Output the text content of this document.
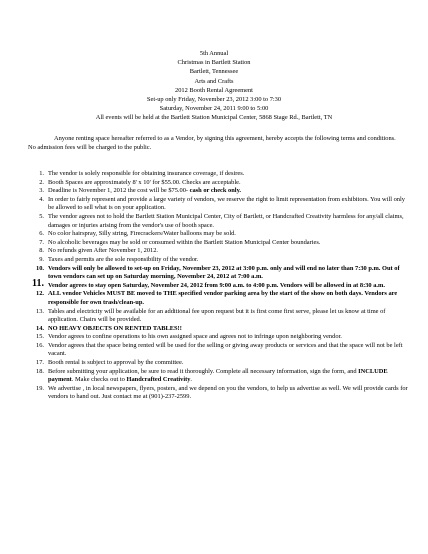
5th Annual
Christmas in Bartlett Station
Bartlett, Tennessee
Arts and Crafts
2012 Booth Rental Agreement
Set-up only Friday, November 23, 2012 3:00 to 7:30
Saturday, November 24, 2011 9:00 to 5:00
All events will be held at the Bartlett Station Municipal Center, 5868 Stage Rd., Bartlett, TN
Anyone renting space hereafter referred to as a Vendor, by signing this agreement, hereby accepts the following terms and conditions. No admission fees will be charged to the public.
1. The vendor is solely responsible for obtaining insurance coverage, if desires.
2. Booth Spaces are approximately 8' x 10' for $55.00. Checks are acceptable.
3. Deadline is November 1, 2012 the cost will be $75.00- cash or check only.
4. In order to fairly represent and provide a large variety of vendors, we reserve the right to limit representation from exhibitors. You will only be allowed to sell what is on your application.
5. The vendor agrees not to hold the Bartlett Station Municipal Center, City of Bartlett, or Handcrafted Creativity harmless for any/all claims, damages or injuries arising from the vendor's use of booth space.
6. No color hairspray, Silly string, Firecrackers/Water balloons may be sold.
7. No alcoholic beverages may be sold or consumed within the Bartlett Station Municipal Center boundaries.
8. No refunds given After November 1, 2012.
9. Taxes and permits are the sole responsibility of the vendor.
10. Vendors will only be allowed to set-up on Friday, November 23, 2012 at 3:00 p.m. only and will end no later than 7:30 p.m. Out of town vendors can set up on Saturday morning, November 24, 2012 at 7:00 a.m.
11. Vendor agrees to stay open Saturday, November 24, 2012 from 9:00 a.m. to 4:00 p.m. Vendors will be allowed in at 8:30 a.m.
12. ALL vendor Vehicles MUST BE moved to THE specified vendor parking area by the start of the show on both days. Vendors are responsible for own trash/clean-up.
13. Tables and electricity will be available for an additional fee upon request but it is first come first serve, please let us know at time of application. Chairs will be provided.
14. NO HEAVY OBJECTS ON RENTED TABLES!!
15. Vendor agrees to confine operations to his own assigned space and agrees not to infringe upon neighboring vendor.
16. Vendor agrees that the space being rented will be used for the selling or giving away products or services and that the space will not be left vacant.
17. Booth rental is subject to approval by the committee.
18. Before submitting your application, be sure to read it thoroughly. Complete all necessary information, sign the form, and INCLUDE payment. Make checks out to Handcrafted Creativity.
19. We advertise , in local newspapers, flyers, posters, and we depend on you the vendors, to help us advertise as well. We will provide cards for vendors to hand out. Just contact me at (901)-237-2599.
